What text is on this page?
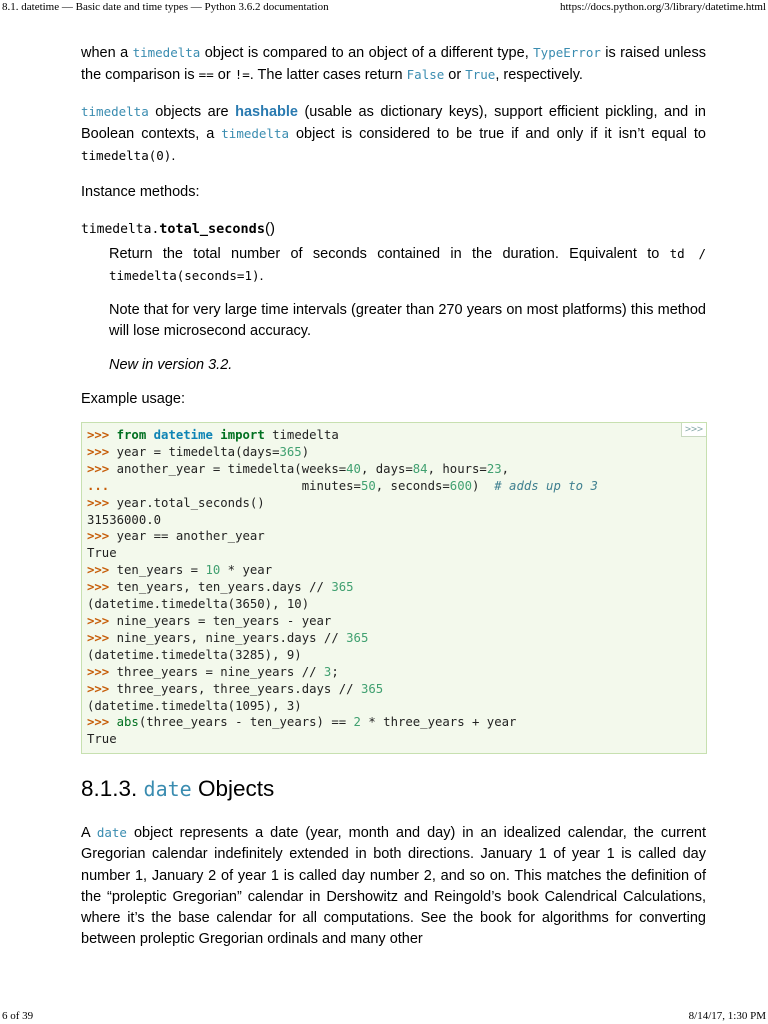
8.1. datetime — Basic date and time types — Python 3.6.2 documentation	https://docs.python.org/3/library/datetime.html

when a timedelta object is compared to an object of a different type, TypeError is raised unless the comparison is == or !=. The latter cases return False or True, respectively.

timedelta objects are hashable (usable as dictionary keys), support efficient pickling, and in Boolean contexts, a timedelta object is considered to be true if and only if it isn’t equal to timedelta(0).

Instance methods:

timedelta.total_seconds()

Return the total number of seconds contained in the duration. Equivalent to td / timedelta(seconds=1).

Note that for very large time intervals (greater than 270 years on most platforms) this method will lose microsecond accuracy.

New in version 3.2.

Example usage:

>>>
>>> from datetime import timedelta
>>> year = timedelta(days=365)
>>> another_year = timedelta(weeks=40, days=84, hours=23,
...                          minutes=50, seconds=600)  # adds up to 3
>>> year.total_seconds()
31536000.0
>>> year == another_year
True
>>> ten_years = 10 * year
>>> ten_years, ten_years.days // 365
(datetime.timedelta(3650), 10)
>>> nine_years = ten_years - year
>>> nine_years, nine_years.days // 365
(datetime.timedelta(3285), 9)
>>> three_years = nine_years // 3;
>>> three_years, three_years.days // 365
(datetime.timedelta(1095), 3)
>>> abs(three_years - ten_years) == 2 * three_years + year
True
8.1.3. date Objects

A date object represents a date (year, month and day) in an idealized calendar, the current Gregorian calendar indefinitely extended in both directions. January 1 of year 1 is called day number 1, January 2 of year 1 is called day number 2, and so on. This matches the definition of the “proleptic Gregorian” calendar in Dershowitz and Reingold’s book Calendrical Calculations, where it’s the base calendar for all computations. See the book for algorithms for converting between proleptic Gregorian ordinals and many other

6 of 39	8/14/17, 1:30 PM
